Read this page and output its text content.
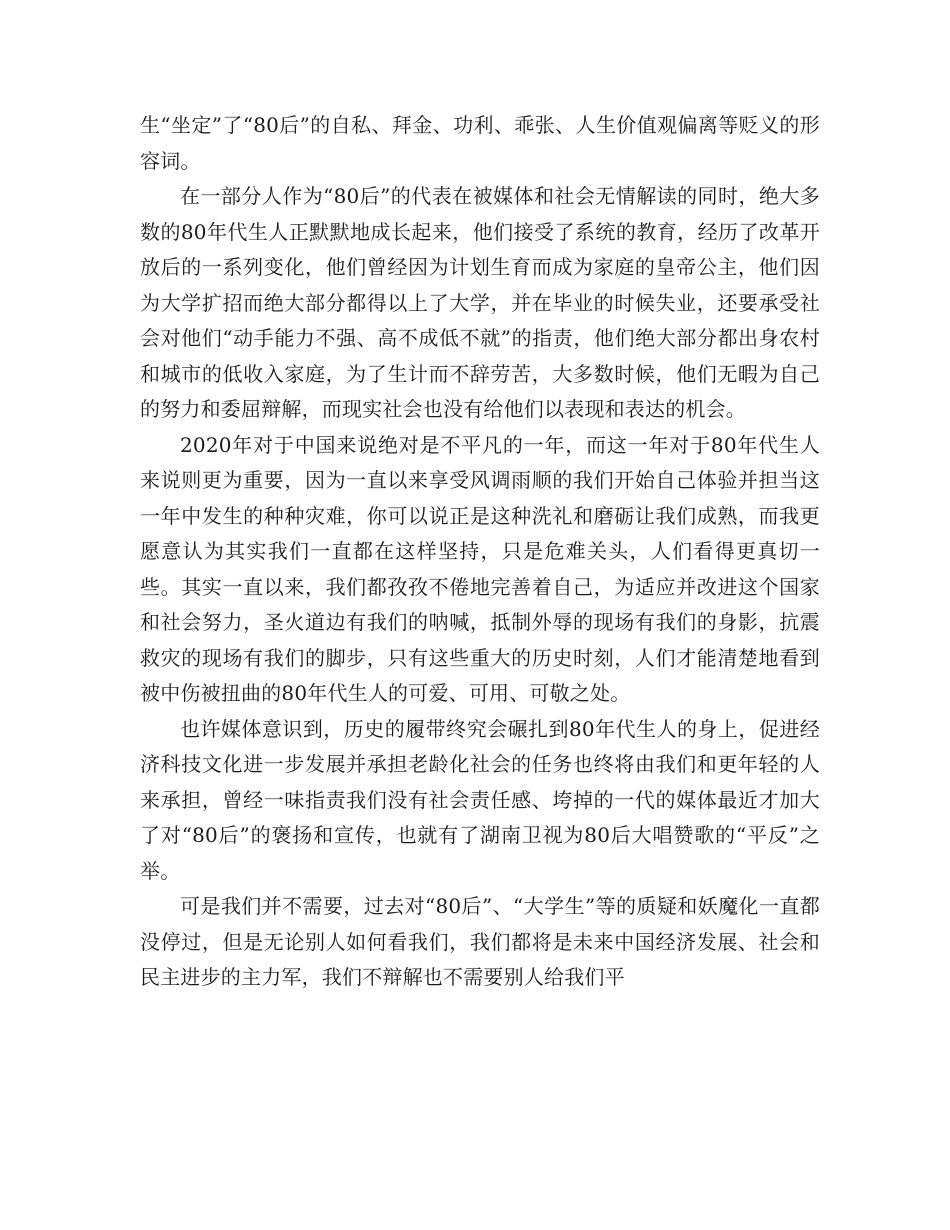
生“坐定”了“80后”的自私、拜金、功利、乖张、人生价值观偏离等贬义的形容词。

在一部分人作为“80后”的代表在被媒体和社会无情解读的同时，绝大多数的80年代生人正默默地成长起来，他们接受了系统的教育，经历了改革开放后的一系列变化，他们曾经因为计划生育而成为家庭的皇帝公主，他们因为大学扩招而绝大部分都得以上了大学，并在毕业的时候失业，还要承受社会对他们“动手能力不强、高不成低不就”的指责，他们绝大部分都出身农村和城市的低收入家庭，为了生计而不辞劳苦，大多数时候，他们无暇为自己的努力和委屈辩解，而现实社会也没有给他们以表现和表达的机会。

2020年对于中国来说绝对是不平凡的一年，而这一年对于80年代生人来说则更为重要，因为一直以来享受风调雨顺的我们开始自己体验并担当这一年中发生的种种灾难，你可以说正是这种洗礼和磨砺让我们成熟，而我更愿意认为其实我们一直都在这样坚持，只是危难关头，人们看得更真切一些。其实一直以来，我们都孜孜不倦地完善着自己，为适应并改进这个国家和社会努力，圣火道边有我们的呐喊，抵制外辱的现场有我们的身影，抗震救灾的现场有我们的脚步，只有这些重大的历史时刻，人们才能清楚地看到被中伤被扭曲的80年代生人的可爱、可用、可敬之处。

也许媒体意识到，历史的履带终究会碾扎到80年代生人的身上，促进经济科技文化进一步发展并承担老龄化社会的任务也终将由我们和更年轻的人来承担，曾经一味指责我们没有社会责任感、垮掉的一代的媒体最近才加大了对“80后”的褒扬和宣传，也就有了湖南卫视为80后大唱赞歌的“平反”之举。

可是我们并不需要，过去对“80后”、“大学生”等的质疑和妖魔化一直都没停过，但是无论别人如何看我们，我们都将是未来中国经济发展、社会和民主进步的主力军，我们不辩解也不需要别人给我们平
